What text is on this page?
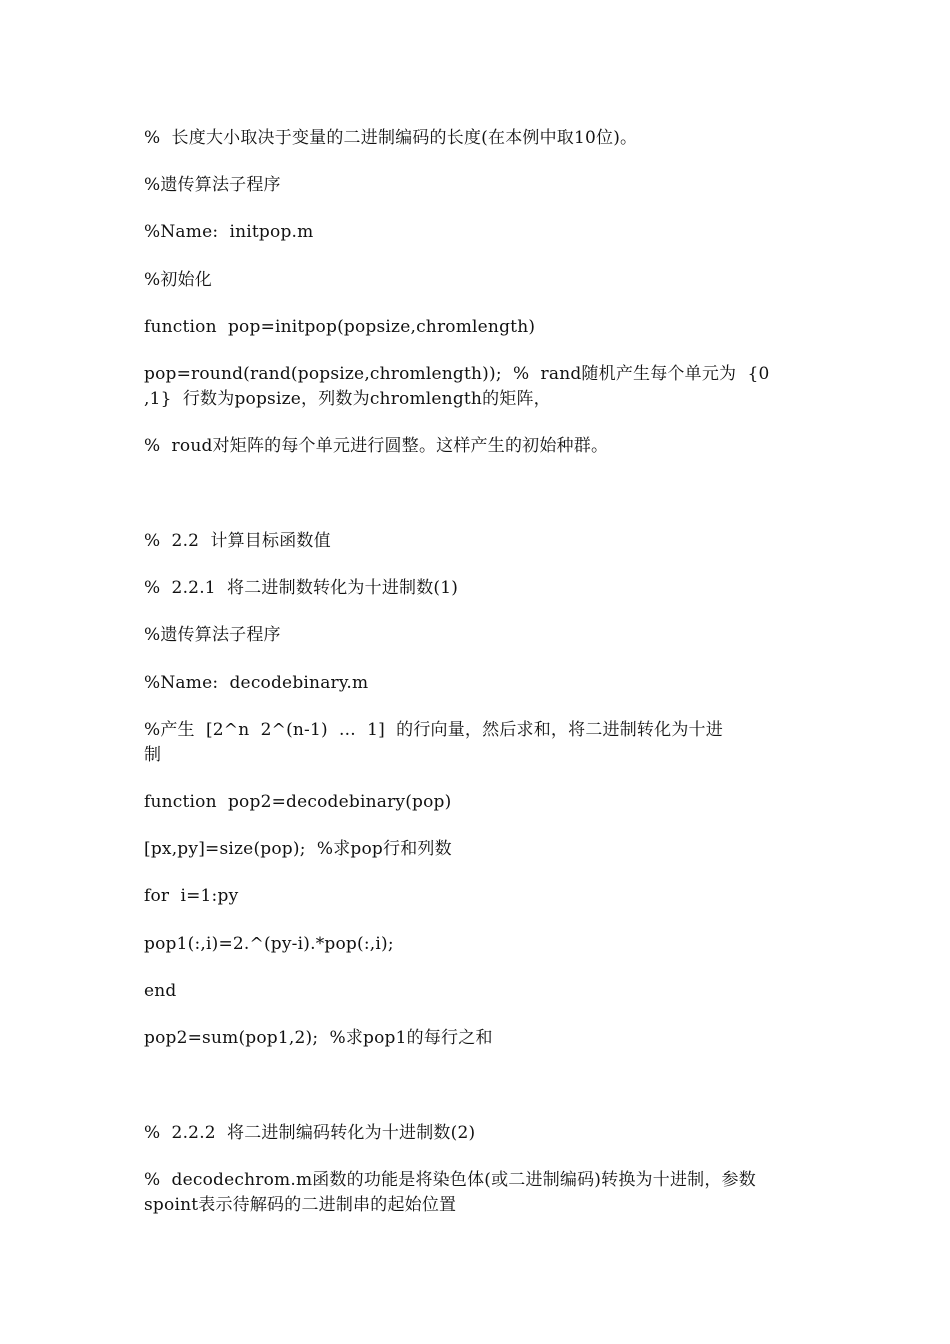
%  长度大小取决于变量的二进制编码的长度(在本例中取10位)。
%遗传算法子程序
%Name:  initpop.m
%初始化
function  pop=initpop(popsize,chromlength)
pop=round(rand(popsize,chromlength));  %  rand随机产生每个单元为  {0
,1}  行数为popsize，列数为chromlength的矩阵，
%  roud对矩阵的每个单元进行圆整。这样产生的初始种群。
%  2.2  计算目标函数值
%  2.2.1  将二进制数转化为十进制数(1)
%遗传算法子程序
%Name:  decodebinary.m
%产生  [2^n  2^(n-1)  ...  1]  的行向量，然后求和，将二进制转化为十进
制
function  pop2=decodebinary(pop)
[px,py]=size(pop);  %求pop行和列数
for  i=1:py
pop1(:,i)=2.^(py-i).*pop(:,i);
end
pop2=sum(pop1,2);  %求pop1的每行之和
%  2.2.2  将二进制编码转化为十进制数(2)
%  decodechrom.m函数的功能是将染色体(或二进制编码)转换为十进制，参数
spoint表示待解码的二进制串的起始位置
